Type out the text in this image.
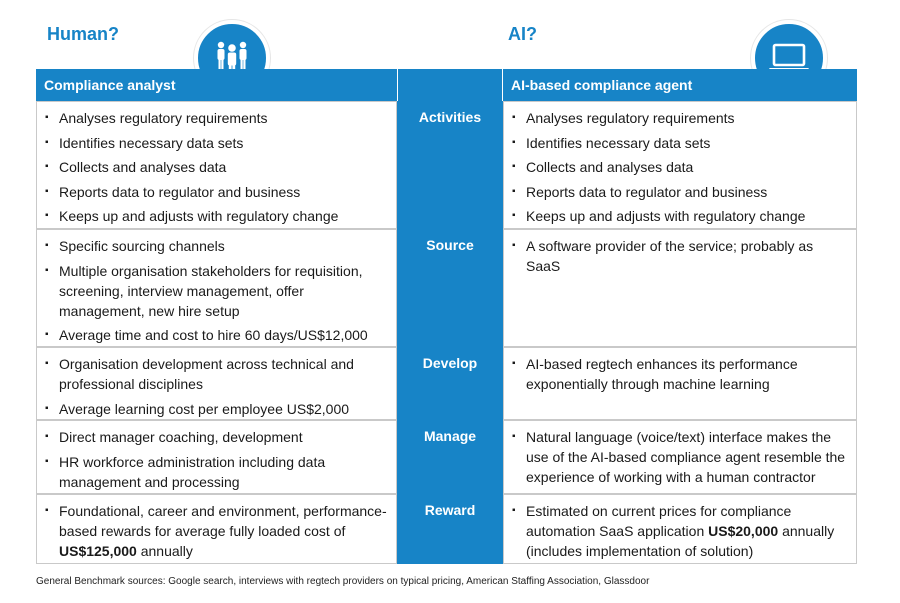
Human?	AI?
Compliance analyst	AI-based compliance agent
Activities
Source
Develop
Manage
Reward
▪ Analyses regulatory requirements
▪ Identifies necessary data sets
▪ Collects and analyses data
▪ Reports data to regulator and business
▪ Keeps up and adjusts with regulatory change
▪ Analyses regulatory requirements
▪ Identifies necessary data sets
▪ Collects and analyses data
▪ Reports data to regulator and business
▪ Keeps up and adjusts with regulatory change
▪ Specific sourcing channels
▪ Multiple organisation stakeholders for requisition, screening, interview management, offer management, new hire setup
▪ Average time and cost to hire 60 days/US$12,000
▪ A software provider of the service; probably as SaaS
▪ Organisation development across technical and professional disciplines
▪ Average learning cost per employee US$2,000
▪ AI-based regtech enhances its performance exponentially through machine learning
▪ Direct manager coaching, development
▪ HR workforce administration including data management and processing
▪ Natural language (voice/text) interface makes the use of the AI-based compliance agent resemble the experience of working with a human contractor
▪ Foundational, career and environment, performance-based rewards for average fully loaded cost of US$125,000 annually
▪ Estimated on current prices for compliance automation SaaS application US$20,000 annually (includes implementation of solution)
General Benchmark sources: Google search, interviews with regtech providers on typical pricing, American Staffing Association, Glassdoor
